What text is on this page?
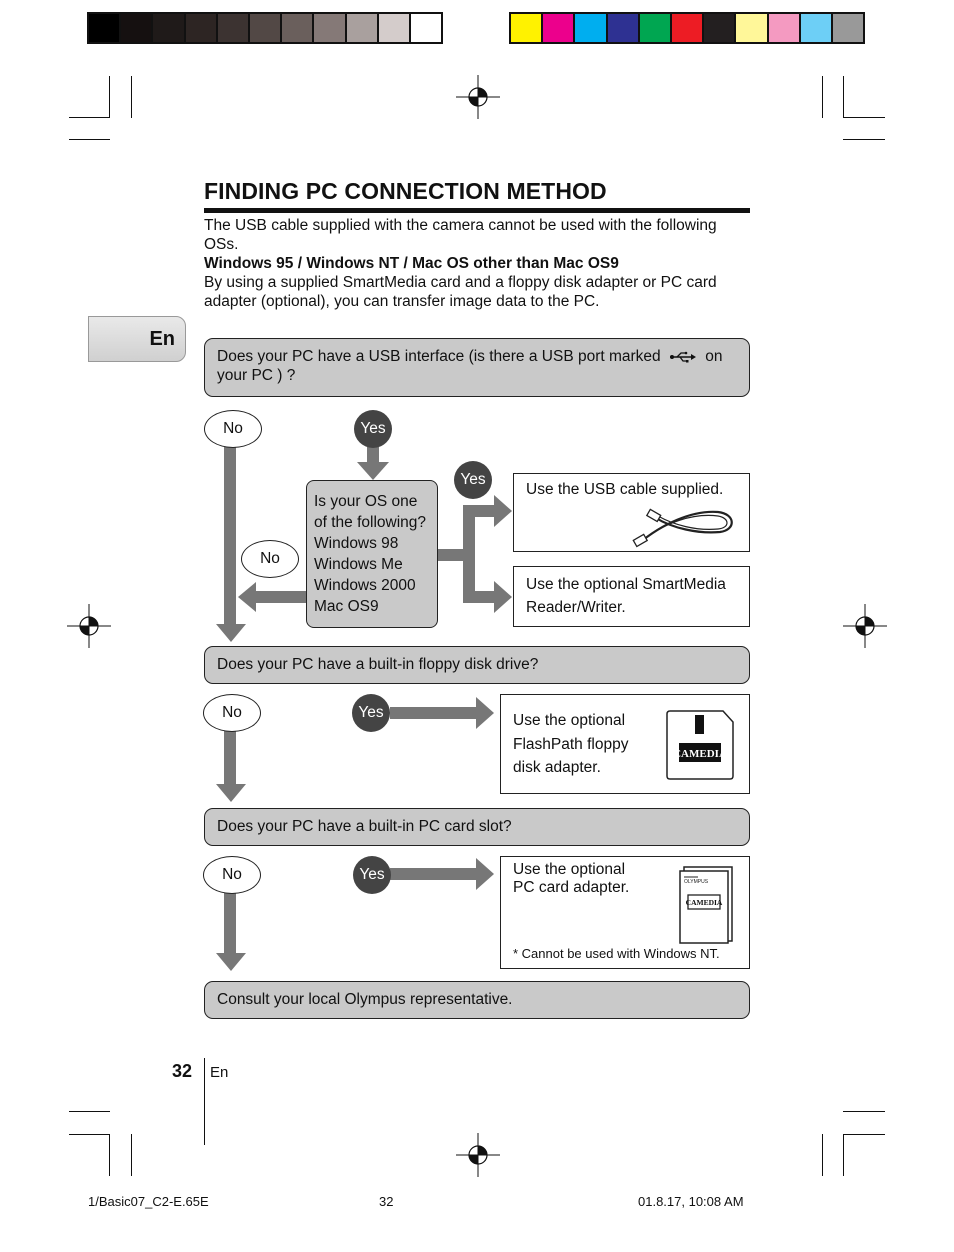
FINDING PC CONNECTION METHOD
The USB cable supplied with the camera cannot be used with the following OSs.
Windows 95 / Windows NT / Mac OS other than Mac OS9
By using a supplied SmartMedia card and a floppy disk adapter or PC card adapter (optional), you can transfer image data to the PC.
En
Does your PC have a USB interface (is there a USB port marked	on your PC ) ?
No	Yes
Is your OS one
of the following?
Windows 98
Windows Me
Windows 2000
Mac OS9
No
Yes
Use the USB cable supplied.
Use the optional SmartMedia
Reader/Writer.
Does your PC have a built-in floppy disk drive?
No	Yes	Use the optional
FlashPath floppy
disk adapter.
CAMEDIA
Does your PC have a built-in PC card slot?
No	Yes	Use the optional
PC card adapter.	OLYMPUS
CAMEDIA
* Cannot be used with Windows NT.
Consult your local Olympus representative.
32 En
1/Basic07_C2-E.65E	32	01.8.17, 10:08 AM
